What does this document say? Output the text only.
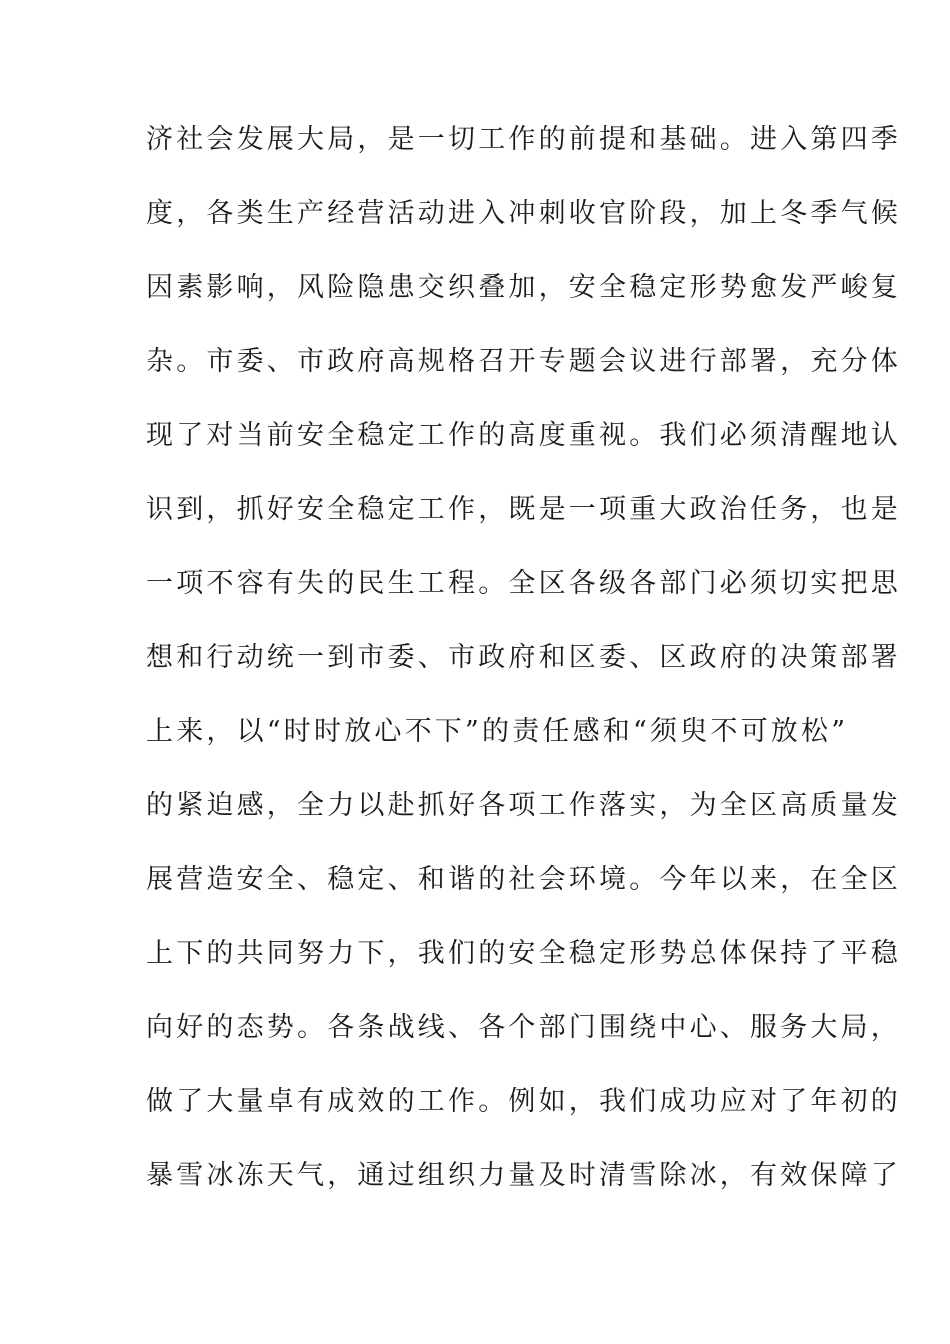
济社会发展大局，是一切工作的前提和基础。进入第四季
度，各类生产经营活动进入冲刺收官阶段，加上冬季气候
因素影响，风险隐患交织叠加，安全稳定形势愈发严峻复
杂。市委、市政府高规格召开专题会议进行部署，充分体
现了对当前安全稳定工作的高度重视。我们必须清醒地认
识到，抓好安全稳定工作，既是一项重大政治任务，也是
一项不容有失的民生工程。全区各级各部门必须切实把思
想和行动统一到市委、市政府和区委、区政府的决策部署
上来，以“时时放心不下”的责任感和“须臾不可放松”
的紧迫感，全力以赴抓好各项工作落实，为全区高质量发
展营造安全、稳定、和谐的社会环境。今年以来，在全区
上下的共同努力下，我们的安全稳定形势总体保持了平稳
向好的态势。各条战线、各个部门围绕中心、服务大局，
做了大量卓有成效的工作。例如，我们成功应对了年初的
暴雪冰冻天气，通过组织力量及时清雪除冰，有效保障了
